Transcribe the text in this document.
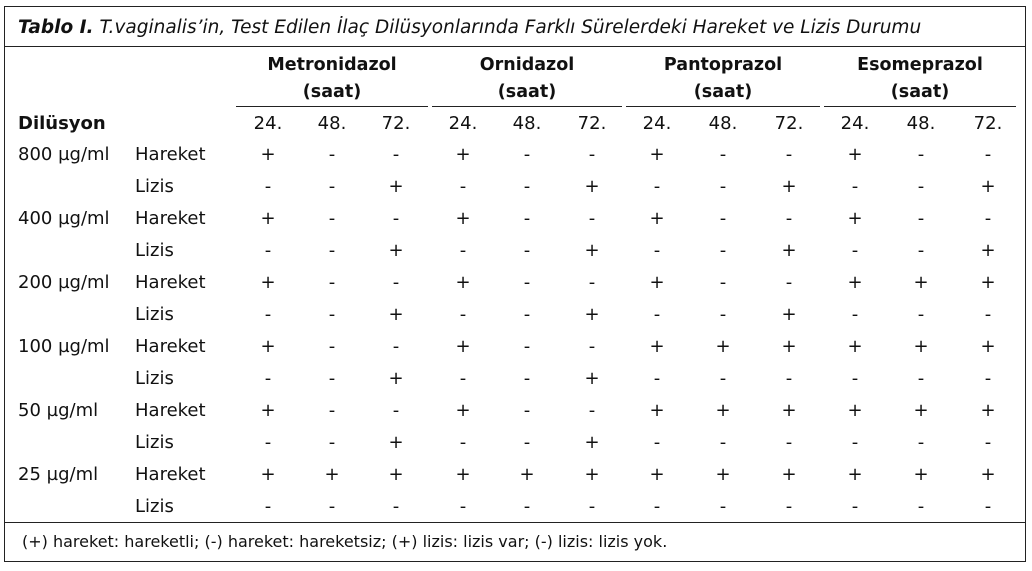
Tablo I. T.vaginalis’in, Test Edilen İlaç Dilüsyonlarında Farklı Sürelerdeki Hareket ve Lizis Durumu
Metronidazol
(saat)
Ornidazol
(saat)
Pantoprazol
(saat)
Esomeprazol
(saat)
Dilüsyon	24.	48.	72.	24.	48.	72.	24.	48.	72.	24.	48.	72.
800 µg/ml Hareket	+	-	-	+	-	-	+	-	-	+	-	-
Lizis	-	-	+	-	-	+	-	-	+	-	-	+
400 µg/ml Hareket	+	-	-	+	-	-	+	-	-	+	-	-
Lizis	-	-	+	-	-	+	-	-	+	-	-	+
200 µg/ml Hareket	+	-	-	+	-	-	+	-	-	+	+	+
Lizis	-	-	+	-	-	+	-	-	+	-	-	-
100 µg/ml Hareket	+	-	-	+	-	-	+	+	+	+	+	+
Lizis	-	-	+	-	-	+	-	-	-	-	-	-
50 µg/ml Hareket	+	-	-	+	-	-	+	+	+	+	+	+
Lizis	-	-	+	-	-	+	-	-	-	-	-	-
25 µg/ml Hareket	+	+	+	+	+	+	+	+	+	+	+	+
Lizis	-	-	-	-	-	-	-	-	-	-	-	-
(+) hareket: hareketli; (-) hareket: hareketsiz; (+) lizis: lizis var; (-) lizis: lizis yok.
